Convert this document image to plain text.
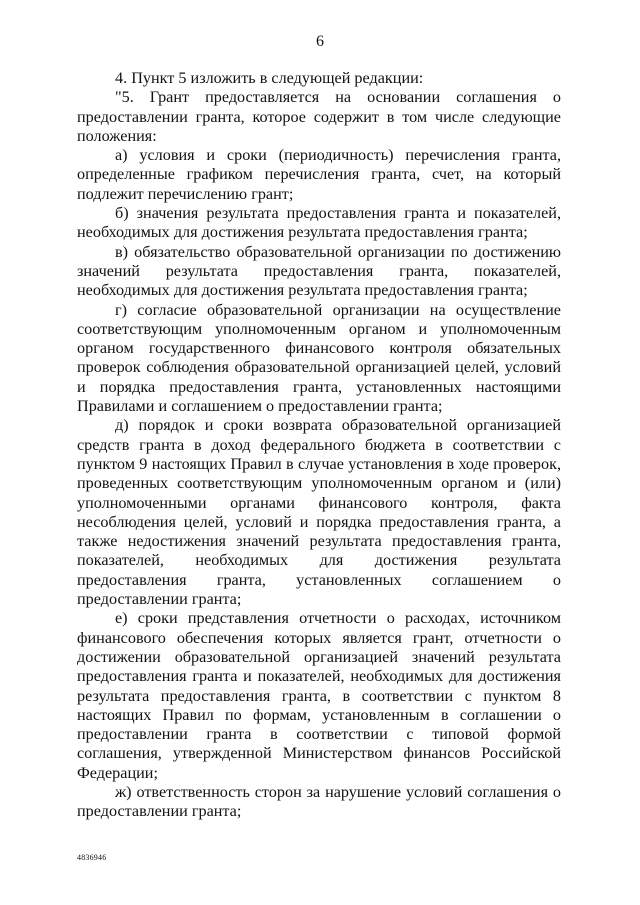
6

4. Пункт 5 изложить в следующей редакции:

"5. Грант предоставляется на основании соглашения о предоставлении гранта, которое содержит в том числе следующие положения:

а) условия и сроки (периодичность) перечисления гранта, определенные графиком перечисления гранта, счет, на который подлежит перечислению грант;

б) значения результата предоставления гранта и показателей, необходимых для достижения результата предоставления гранта;

в) обязательство образовательной организации по достижению значений результата предоставления гранта, показателей, необходимых для достижения результата предоставления гранта;

г) согласие образовательной организации на осуществление соответствующим уполномоченным органом и уполномоченным органом государственного финансового контроля обязательных проверок соблюдения образовательной организацией целей, условий и порядка предоставления гранта, установленных настоящими Правилами и соглашением о предоставлении гранта;

д) порядок и сроки возврата образовательной организацией средств гранта в доход федерального бюджета в соответствии с пунктом 9 настоящих Правил в случае установления в ходе проверок, проведенных соответствующим уполномоченным органом и (или) уполномоченными органами финансового контроля, факта несоблюдения целей, условий и порядка предоставления гранта, а также недостижения значений результата предоставления гранта, показателей, необходимых для достижения результата предоставления гранта, установленных соглашением о предоставлении гранта;

е) сроки представления отчетности о расходах, источником финансового обеспечения которых является грант, отчетности о достижении образовательной организацией значений результата предоставления гранта и показателей, необходимых для достижения результата предоставления гранта, в соответствии с пунктом 8 настоящих Правил по формам, установленным в соглашении о предоставлении гранта в соответствии с типовой формой соглашения, утвержденной Министерством финансов Российской Федерации;

ж) ответственность сторон за нарушение условий соглашения о предоставлении гранта;

4836946
